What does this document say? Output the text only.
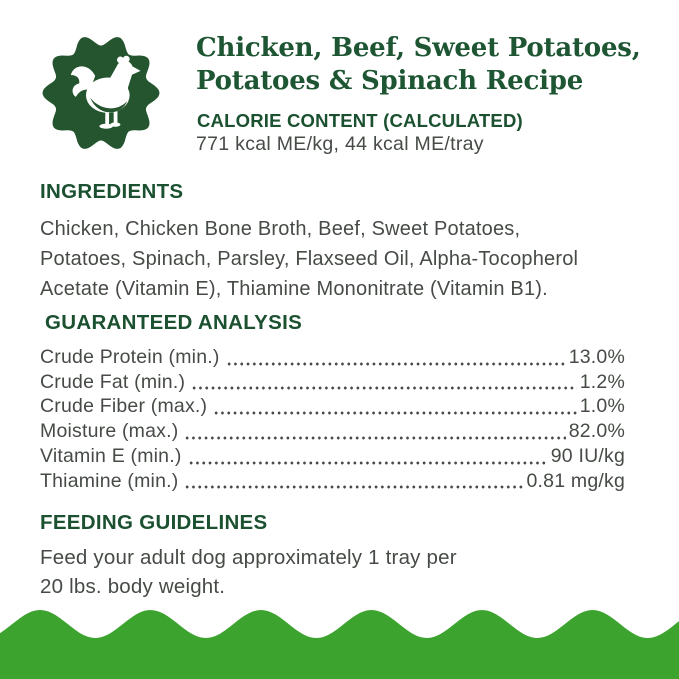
Chicken, Beef, Sweet Potatoes,
Potatoes & Spinach Recipe
CALORIE CONTENT (CALCULATED)
771 kcal ME/kg, 44 kcal ME/tray
INGREDIENTS
Chicken, Chicken Bone Broth, Beef, Sweet Potatoes,
Potatoes, Spinach, Parsley, Flaxseed Oil, Alpha-Tocopherol
Acetate (Vitamin E), Thiamine Mononitrate (Vitamin B1).
GUARANTEED ANALYSIS
Crude Protein (min.)	13.0%
Crude Fat (min.)	1.2%
Crude Fiber (max.)	1.0%
Moisture (max.)	82.0%
Vitamin E (min.)	90 IU/kg
Thiamine (min.)	0.81 mg/kg
FEEDING GUIDELINES
Feed your adult dog approximately 1 tray per
20 lbs. body weight.
